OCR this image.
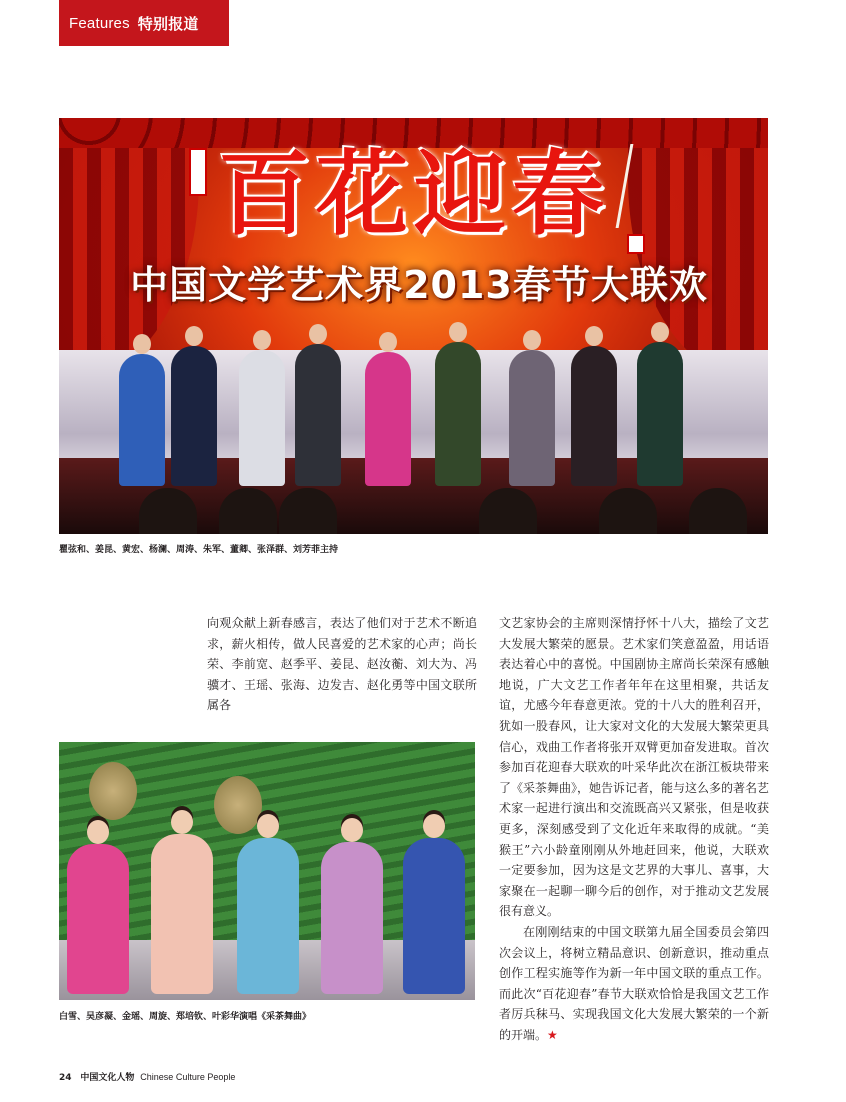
Features 特别报道
百花迎春
中国文学艺术界2013春节大联欢
瞿弦和、姜昆、黄宏、杨澜、周涛、朱军、董卿、张泽群、刘芳菲主持
白雪、吴彦凝、金瑶、周旋、郑培钦、叶彩华演唱《采茶舞曲》

向观众献上新春感言，表达了他们对于艺术不断追求，薪火相传，做人民喜爱的艺术家的心声；尚长荣、李前宽、赵季平、姜昆、赵汝蘅、刘大为、冯骥才、王瑶、张海、边发吉、赵化勇等中国文联所属各

文艺家协会的主席则深情抒怀十八大，描绘了文艺大发展大繁荣的愿景。艺术家们笑意盈盈，用话语表达着心中的喜悦。中国剧协主席尚长荣深有感触地说，广大文艺工作者年年在这里相聚，共话友谊，尤感今年春意更浓。党的十八大的胜利召开，犹如一股春风，让大家对文化的大发展大繁荣更具信心，戏曲工作者将张开双臂更加奋发进取。首次参加百花迎春大联欢的叶采华此次在浙江板块带来了《采茶舞曲》，她告诉记者，能与这么多的著名艺术家一起进行演出和交流既高兴又紧张，但是收获更多，深刻感受到了文化近年来取得的成就。“美猴王”六小龄童刚刚从外地赶回来，他说，大联欢一定要参加，因为这是文艺界的大事儿、喜事，大家聚在一起聊一聊今后的创作，对于推动文艺发展很有意义。

在刚刚结束的中国文联第九届全国委员会第四次会议上，将树立精品意识、创新意识，推动重点创作工程实施等作为新一年中国文联的重点工作。而此次“百花迎春”春节大联欢恰恰是我国文艺工作者厉兵秣马、实现我国文化大发展大繁荣的一个新的开端。★

24 中国文化人物 Chinese Culture People
